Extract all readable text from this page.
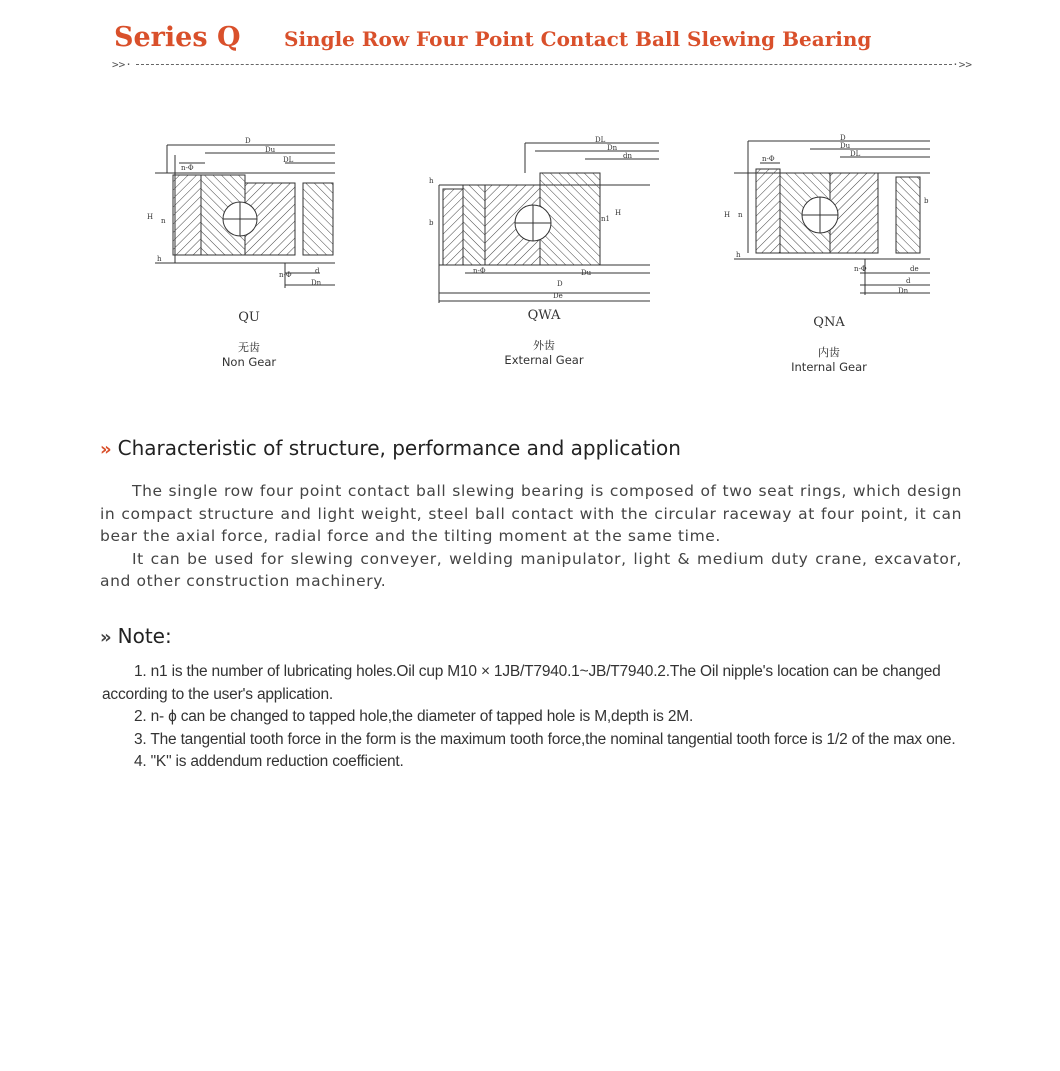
Series Q Single Row Four Point Contact Ball Slewing Bearing
>>·	·>>
D
Du
DL
n-Φ
H n
h
n-Φ	d
Dn
QU
无齿
Non Gear
DL
Dn
dn
h
b	n1
H
n-Φ	Du
D
De
QWA
外齿
External Gear
D
Du
DL
n-Φ
H n
b
h
n-Φ	de
d
Dn
QNA
内齿
Internal Gear
» Characteristic of structure, performance and application

The single row four point contact ball slewing bearing is composed of two seat rings, which design in compact structure and light weight, steel ball contact with the circular raceway at four point, it can bear the axial force, radial force and the tilting moment at the same time.

It can be used for slewing conveyer, welding manipulator, light & medium duty crane, excavator, and other construction machinery.

» Note:

1. n1 is the number of lubricating holes.Oil cup M10 × 1JB/T7940.1~JB/T7940.2.The Oil nipple's location can be changed according to the user's application.

2. n- ϕ can be changed to tapped hole,the diameter of tapped hole is M,depth is 2M.

3. The tangential tooth force in the form is the maximum tooth force,the nominal tangential tooth force is 1/2 of the max one.

4. "K" is addendum reduction coefficient.
